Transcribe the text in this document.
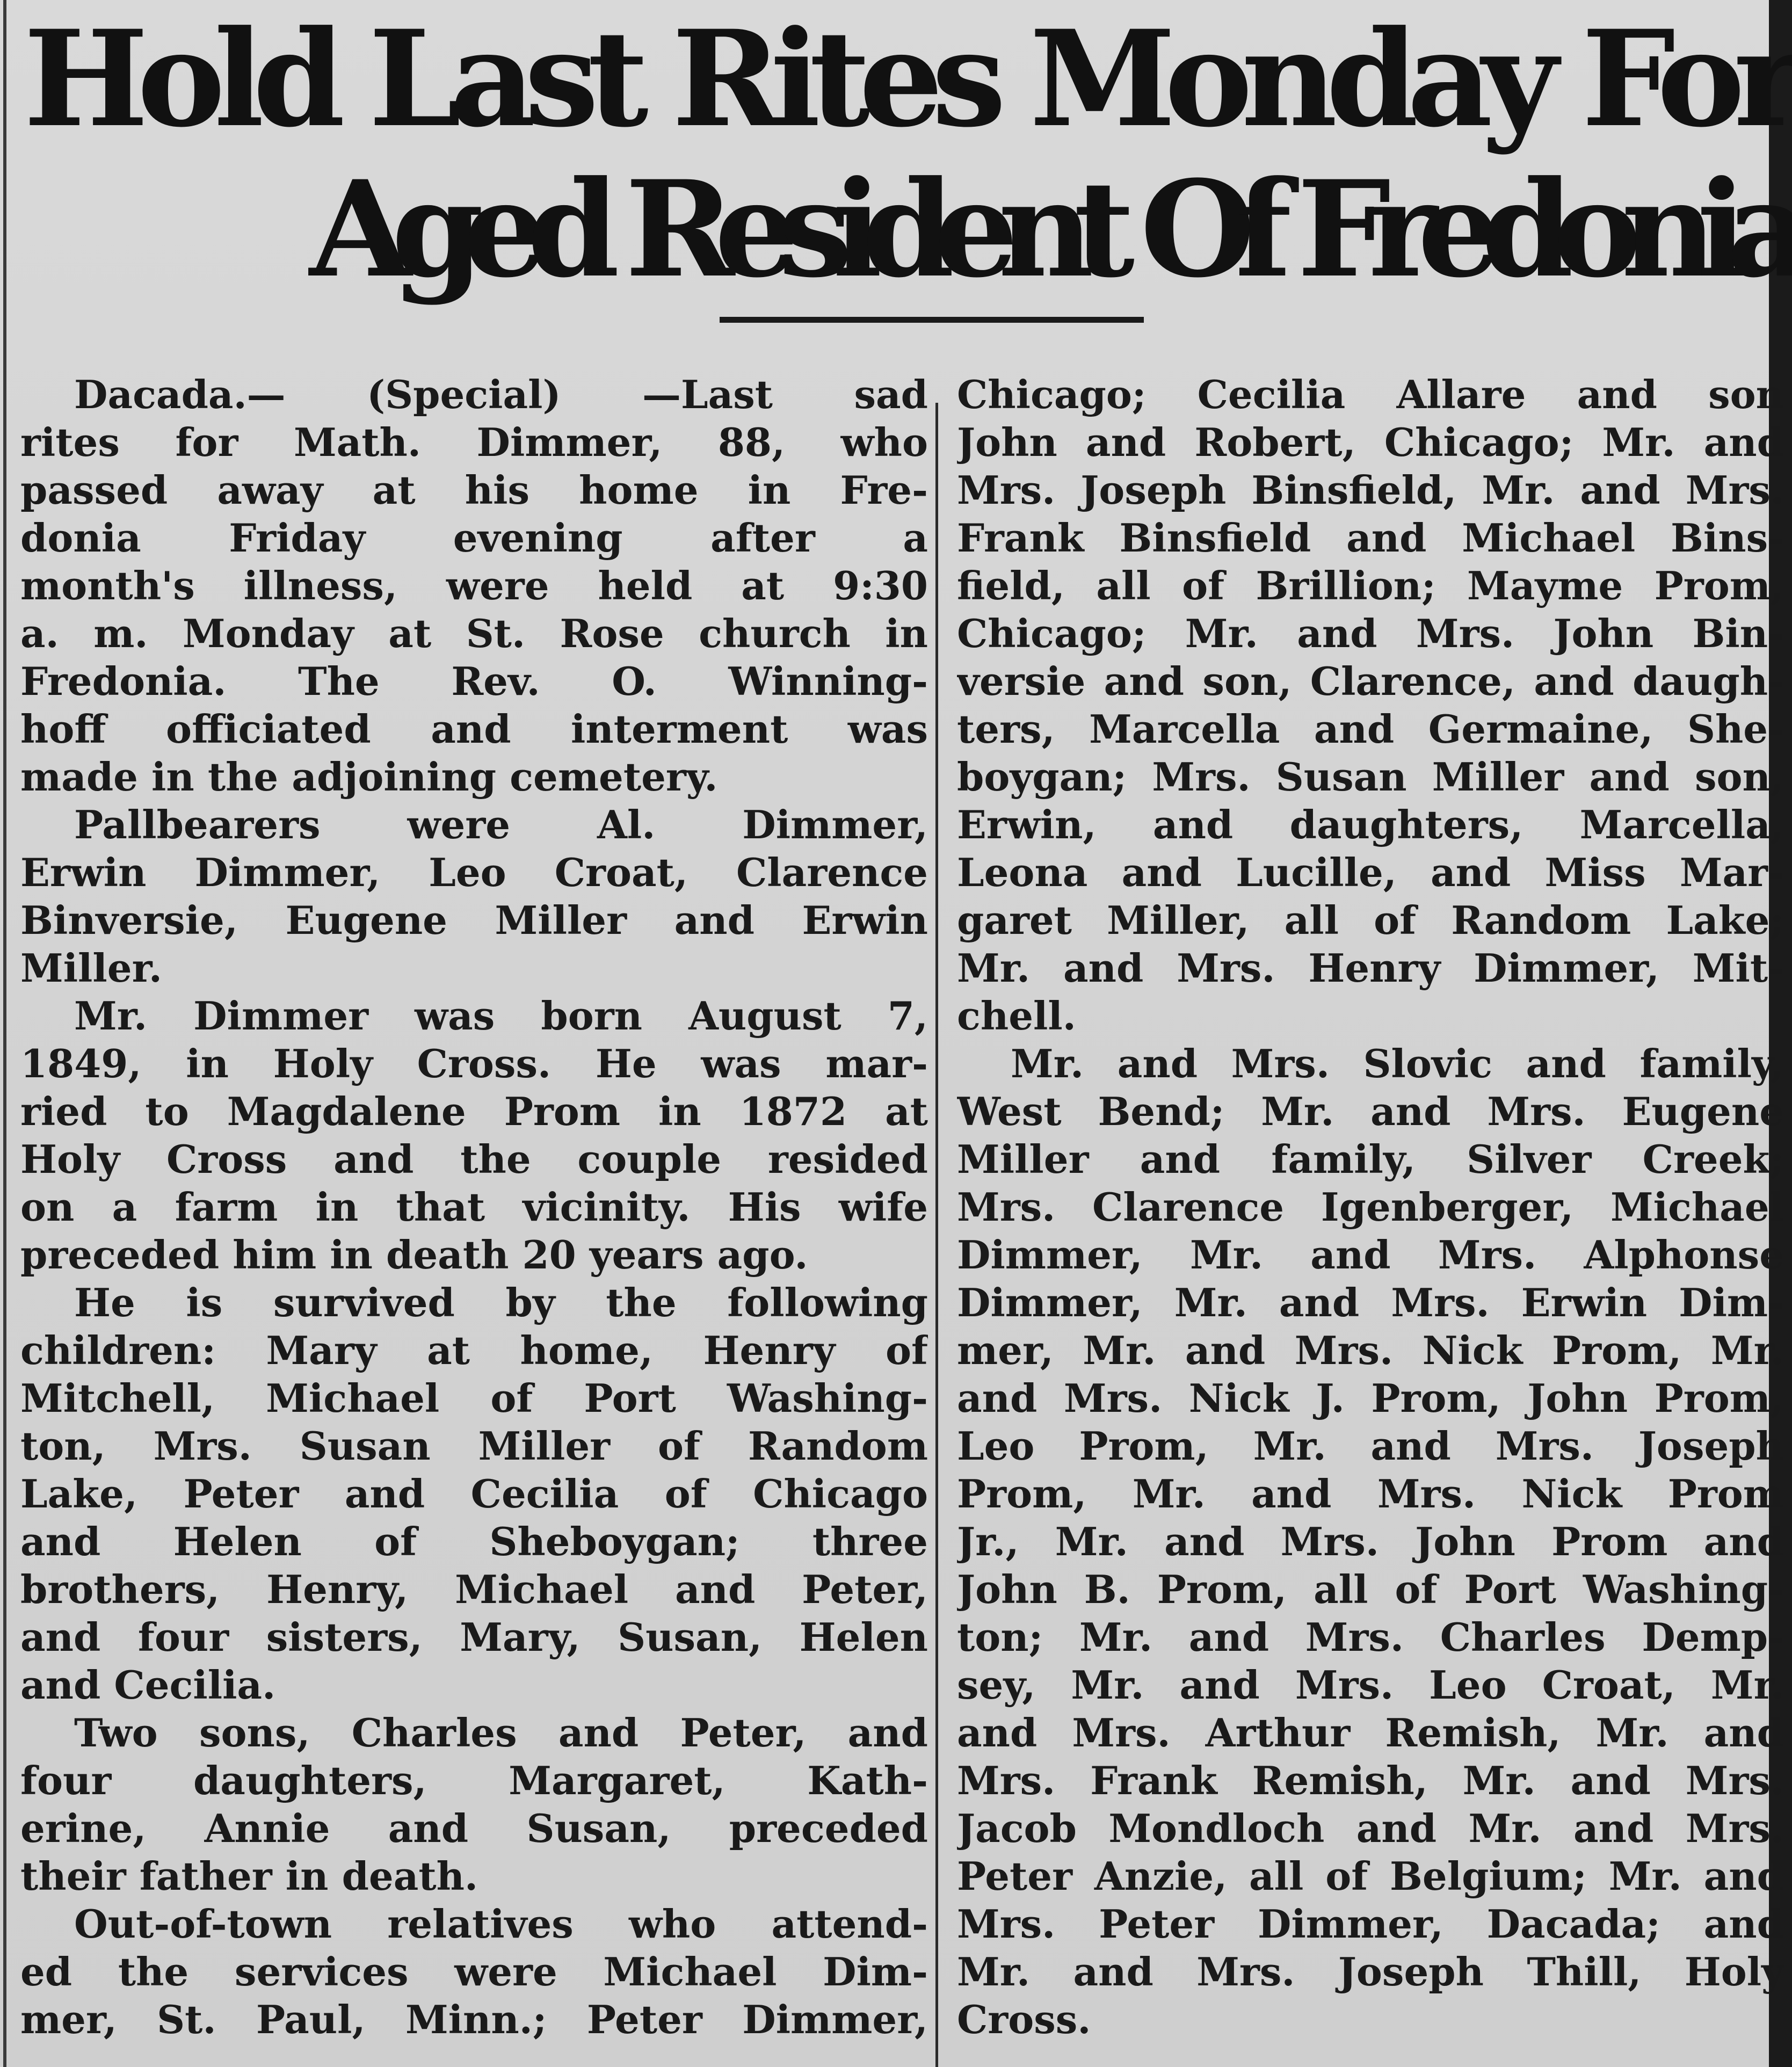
Hold Last Rites Monday For
Aged Resident Of Fredonia
Dacada.— (Special) —Last sad
rites for Math. Dimmer, 88, who
passed away at his home in Fre-
donia Friday evening after a
month's illness, were held at 9:30
a. m. Monday at St. Rose church in
Fredonia. The Rev. O. Winning-
hoff officiated and interment was
made in the adjoining cemetery.
Pallbearers were Al. Dimmer,
Erwin Dimmer, Leo Croat, Clarence
Binversie, Eugene Miller and Erwin
Miller.
Mr. Dimmer was born August 7,
1849, in Holy Cross. He was mar-
ried to Magdalene Prom in 1872 at
Holy Cross and the couple resided
on a farm in that vicinity. His wife
preceded him in death 20 years ago.
He is survived by the following
children: Mary at home, Henry of
Mitchell, Michael of Port Washing-
ton, Mrs. Susan Miller of Random
Lake, Peter and Cecilia of Chicago
and Helen of Sheboygan; three
brothers, Henry, Michael and Peter,
and four sisters, Mary, Susan, Helen
and Cecilia.
Two sons, Charles and Peter, and
four daughters, Margaret, Kath-
erine, Annie and Susan, preceded
their father in death.
Out-of-town relatives who attend-
ed the services were Michael Dim-
mer, St. Paul, Minn.; Peter Dimmer,
Chicago; Cecilia Allare and son
John and Robert, Chicago; Mr. and
Mrs. Joseph Binsfield, Mr. and Mrs.
Frank Binsfield and Michael Bins-
field, all of Brillion; Mayme Prom,
Chicago; Mr. and Mrs. John Bin-
versie and son, Clarence, and daugh-
ters, Marcella and Germaine, She-
boygan; Mrs. Susan Miller and son,
Erwin, and daughters, Marcella,
Leona and Lucille, and Miss Mar-
garet Miller, all of Random Lake;
Mr. and Mrs. Henry Dimmer, Mit-
chell.
Mr. and Mrs. Slovic and family,
West Bend; Mr. and Mrs. Eugene
Miller and family, Silver Creek;
Mrs. Clarence Igenberger, Michael
Dimmer, Mr. and Mrs. Alphonse
Dimmer, Mr. and Mrs. Erwin Dim-
mer, Mr. and Mrs. Nick Prom, Mr.
and Mrs. Nick J. Prom, John Prom,
Leo Prom, Mr. and Mrs. Joseph
Prom, Mr. and Mrs. Nick Prom
Jr., Mr. and Mrs. John Prom and
John B. Prom, all of Port Washing-
ton; Mr. and Mrs. Charles Demp-
sey, Mr. and Mrs. Leo Croat, Mr.
and Mrs. Arthur Remish, Mr. and
Mrs. Frank Remish, Mr. and Mrs.
Jacob Mondloch and Mr. and Mrs.
Peter Anzie, all of Belgium; Mr. and
Mrs. Peter Dimmer, Dacada; and
Mr. and Mrs. Joseph Thill, Holy
Cross.
